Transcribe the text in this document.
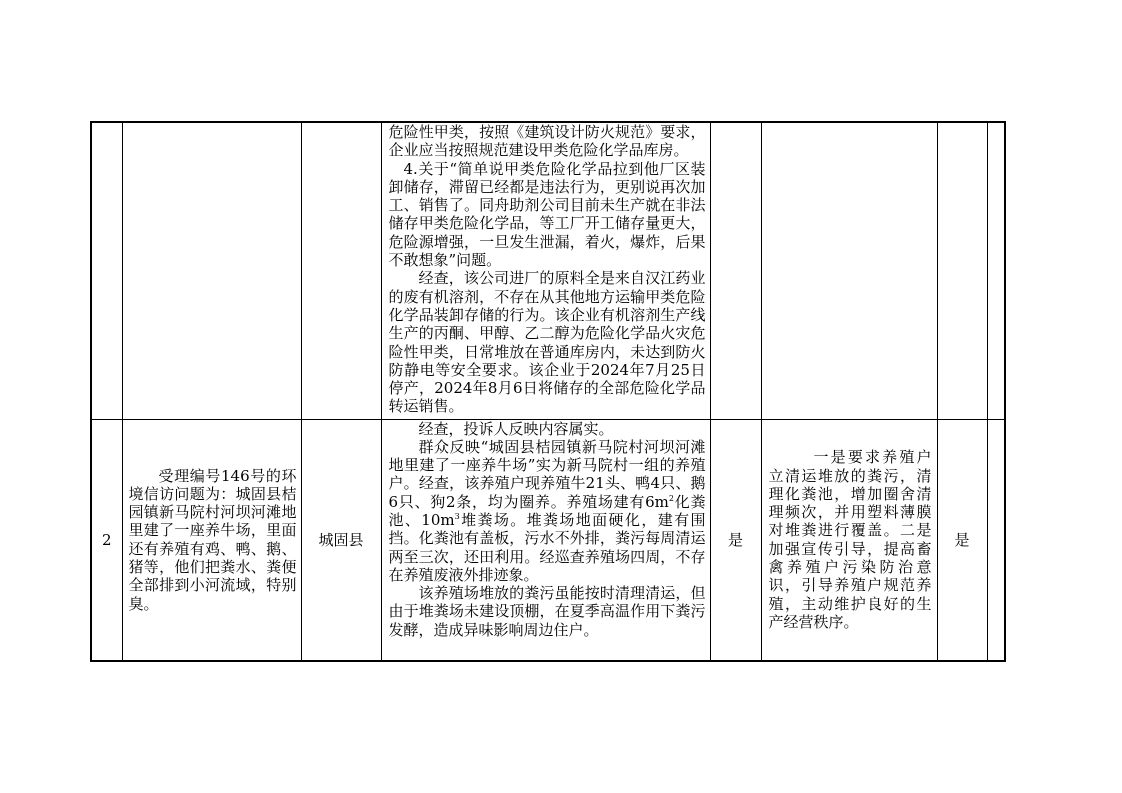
			危险性甲类，按照《建筑设计防火规范》要求，企业应当按照规范建设甲类危险化学品库房。

4.关于“简单说甲类危险化学品拉到他厂区装卸储存，滞留已经都是违法行为，更别说再次加工、销售了。同舟助剂公司目前未生产就在非法储存甲类危险化学品，等工厂开工储存量更大，危险源增强，一旦发生泄漏，着火，爆炸，后果不敢想象”问题。

经查，该公司进厂的原料全是来自汉江药业的废有机溶剂，不存在从其他地方运输甲类危险化学品装卸存储的行为。该企业有机溶剂生产线生产的丙酮、甲醇、乙二醇为危险化学品火灾危险性甲类，日常堆放在普通库房内，未达到防火防静电等安全要求。该企业于2024年7月25日停产，2024年8月6日将储存的全部危险化学品转运销售。				

2	受理编号146号的环境信访问题为：城固县桔园镇新马院村河坝河滩地里建了一座养牛场，里面还有养殖有鸡、鸭、鹅、猪等，他们把粪水、粪便全部排到小河流域，特别臭。	城固县	经查，投诉人反映内容属实。

群众反映“城固县桔园镇新马院村河坝河滩地里建了一座养牛场”实为新马院村一组的养殖户。经查，该养殖户现养殖牛21头、鸭4只、鹅6只、狗2条，均为圈养。养殖场建有$6m^2$化粪池、$10m^3$堆粪场。堆粪场地面硬化，建有围挡。化粪池有盖板，污水不外排，粪污每周清运两至三次，还田利用。经巡查养殖场四周，不存在养殖废液外排迹象。

该养殖场堆放的粪污虽能按时清理清运，但由于堆粪场未建设顶棚，在夏季高温作用下粪污发酵，造成异味影响周边住户。	是	一是要求养殖户立清运堆放的粪污，清理化粪池，增加圈舍清理频次，并用塑料薄膜对堆粪进行覆盖。二是加强宣传引导，提高畜禽养殖户污染防治意识，引导养殖户规范养殖，主动维护良好的生产经营秩序。	是	
